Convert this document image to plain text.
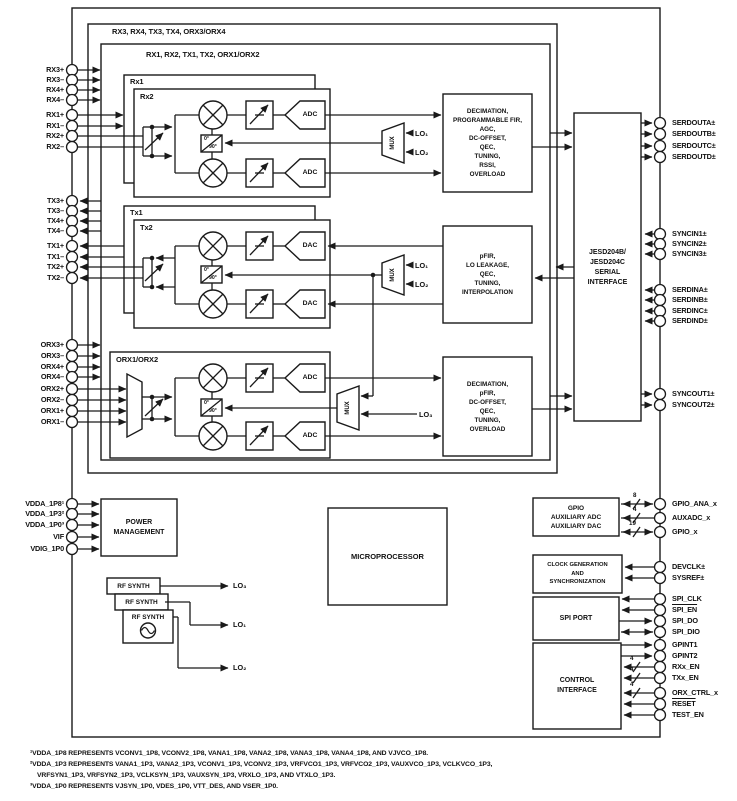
RX3, RX4, TX3, TX4, ORX3/ORX4
RX1, RX2, TX1, TX2, ORX1/ORX2
Rx1
Rx2
Tx1
Tx2
ORX1/ORX2
DECIMATION,
PROGRAMMABLE FIR,
AGC,
DC-OFFSET,
QEC,
TUNING,
RSSI,
OVERLOAD
pFIR,
LO LEAKAGE,
QEC,
TUNING,
INTERPOLATION
DECIMATION,
pFIR,
DC-OFFSET,
QEC,
TUNING,
OVERLOAD
JESD204B/
JESD204C
SERIAL
INTERFACE
POWER
MANAGEMENT
MICROPROCESSOR
GPIO
AUXILIARY ADC
AUXILIARY DAC
CLOCK GENERATION
AND
SYNCHRONIZATION
SPI PORT
CONTROL
INTERFACE
RF SYNTH
RF SYNTH
RF SYNTH
MUX
MUX
MUX
ADC
ADC
DAC
DAC
ADC
ADC
0°
90°
0°
90°
0°
90°
LO₁
LO₂
LO₁
LO₂
LO₃
LO₃
LO₁
LO₂
8
4
19
4
4
4
RX3+
RX3–
RX4+
RX4–
RX1+
RX1–
RX2+
RX2–
TX3+
TX3–
TX4+
TX4–
TX1+
TX1–
TX2+
TX2–
ORX3+
ORX3–
ORX4+
ORX4–
ORX2+
ORX2–
ORX1+
ORX1–
VDDA_1P8¹
VDDA_1P3²
VDDA_1P0³
VIF
VDIG_1P0
SERDOUTA±
SERDOUTB±
SERDOUTC±
SERDOUTD±
SYNCIN1±
SYNCIN2±
SYNCIN3±
SERDINA±
SERDINB±
SERDINC±
SERDIND±
SYNCOUT1±
SYNCOUT2±
GPIO_ANA_x
AUXADC_x
GPIO_x
DEVCLK±
SYSREF±
SPI_CLK
SPI_EN
SPI_DO
SPI_DIO
GPINT1
GPINT2
RXx_EN
TXx_EN
ORX_CTRL_x
RESET
TEST_EN
¹VDDA_1P8 REPRESENTS VCONV1_1P8, VCONV2_1P8, VANA1_1P8, VANA2_1P8, VANA3_1P8, VANA4_1P8, AND VJVCO_1P8.
²VDDA_1P3 REPRESENTS VANA1_1P3, VANA2_1P3, VCONV1_1P3, VCONV2_1P3, VRFVCO1_1P3, VRFVCO2_1P3, VAUXVCO_1P3, VCLKVCO_1P3,
VRFSYN1_1P3, VRFSYN2_1P3, VCLKSYN_1P3, VAUXSYN_1P3, VRXLO_1P3, AND VTXLO_1P3.
³VDDA_1P0 REPRESENTS VJSYN_1P0, VDES_1P0, VTT_DES, AND VSER_1P0.
